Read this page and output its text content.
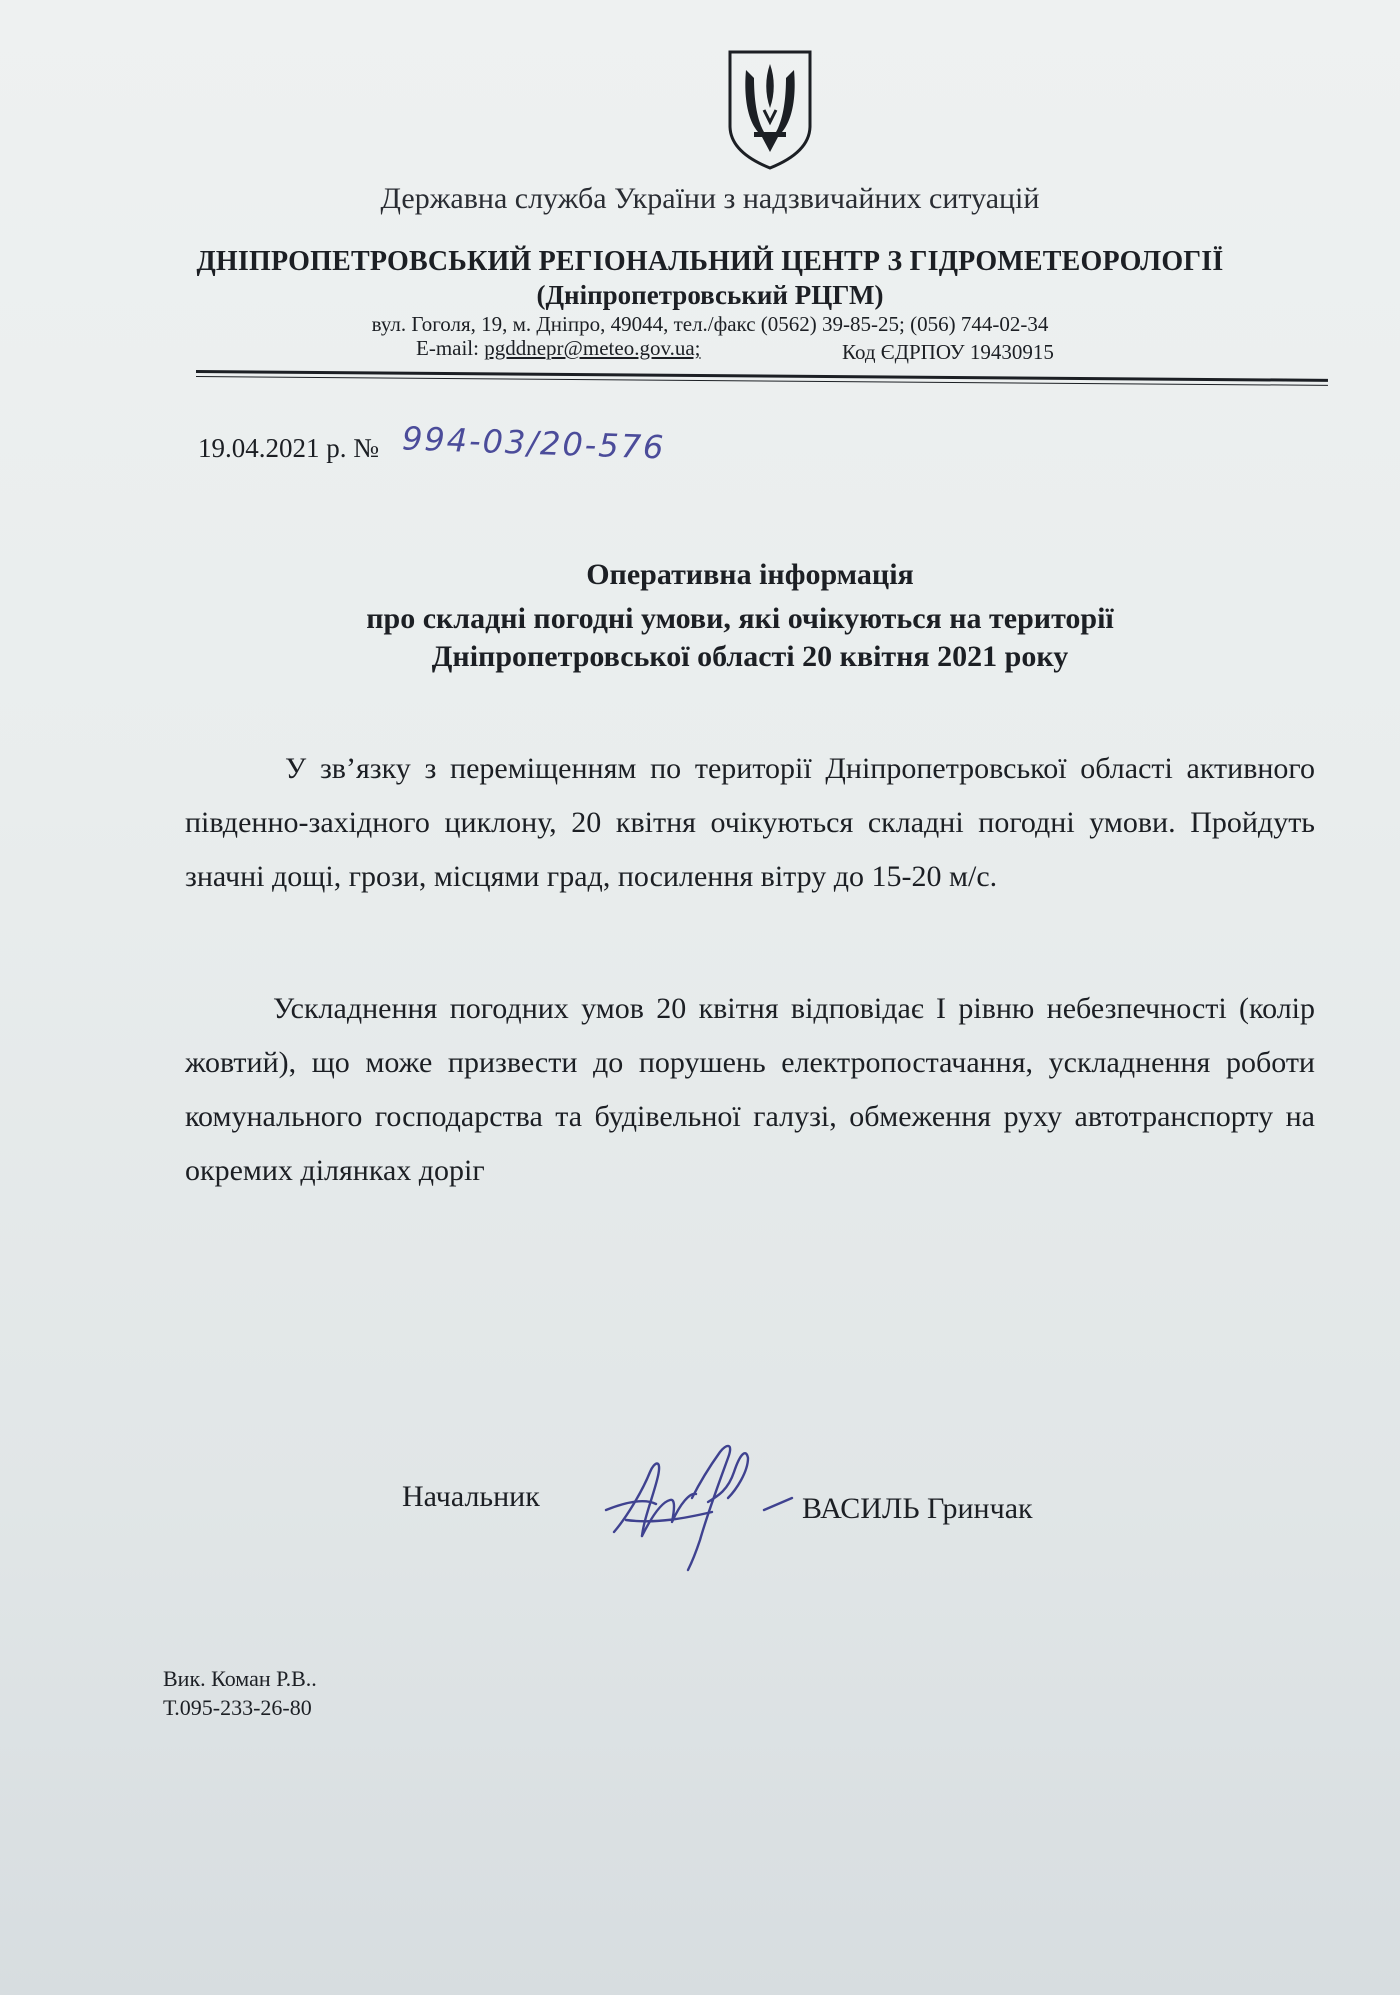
Державна служба України з надзвичайних ситуацій
ДНІПРОПЕТРОВСЬКИЙ РЕГІОНАЛЬНИЙ ЦЕНТР З ГІДРОМЕТЕОРОЛОГІЇ
(Дніпропетровський РЦГМ)
вул. Гоголя, 19, м. Дніпро, 49044, тел./факс (0562) 39-85-25; (056) 744-02-34
E-mail: pgddnepr@meteo.gov.ua;	Код ЄДРПОУ 19430915
19.04.2021 р. № 994-03/20-576
Оперативна інформація
про складні погодні умови, які очікуються на території
Дніпропетровської області 20 квітня 2021 року
У зв’язку з переміщенням по території Дніпропетровської області активного південно-західного циклону, 20 квітня очікуються складні погодні умови. Пройдуть значні дощі, грози, місцями град, посилення вітру до 15-20 м/с.
Ускладнення погодних умов 20 квітня відповідає І рівню небезпечності (колір жовтий), що може призвести до порушень електропостачання, ускладнення роботи комунального господарства та будівельної галузі, обмеження руху автотранспорту на окремих ділянках доріг
Начальник	ВАСИЛЬ Гринчак
Вик. Коман Р.В..
Т.095-233-26-80
